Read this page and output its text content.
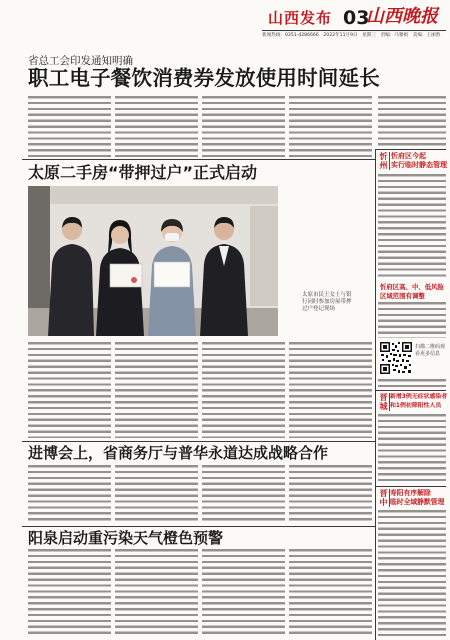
山西发布 03
山西晚报
新闻热线：0351-4286666　2022年11月9日　星期三　责编：马雅娟　美编：王丽然
省总工会印发通知明确
职工电子餐饮消费券发放使用时间延长
太原二手房“带押过户”正式启动
太原市民王女士与银行同时参加房屋带押过户登记现场
进博会上，省商务厅与普华永道达成战略合作
阳泉启动重污染天气橙色预警
忻州 忻府区今起
实行临时静态管理
忻府区高、中、低风险
区域范围有调整
扫描二维码观看更多信息
晋城 新增3例无症状感染者
和1例初筛阳性人员
晋中 寿阳有序解除
临时全域静默管理
